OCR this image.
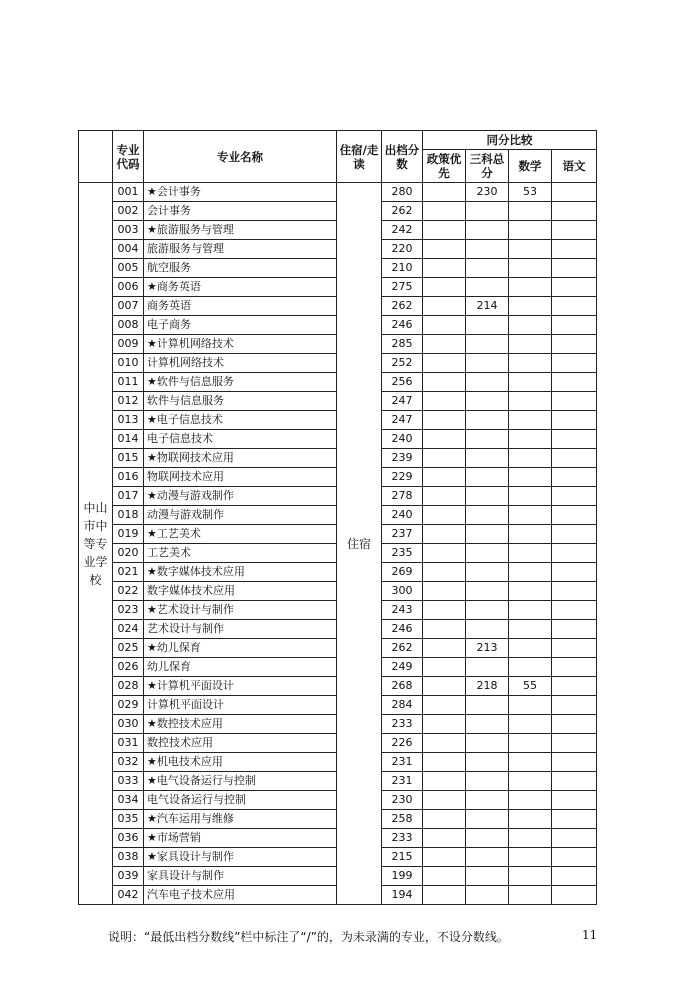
	专业代码	专业名称	住宿/走读	出档分数	同分比较			
					政策优先	三科总分	数学	语文
中山市中等专业学校	001	★会计事务	住宿	280		230	53	
	002	会计事务		262				
	003	★旅游服务与管理		242				
	004	旅游服务与管理		220				
	005	航空服务		210				
	006	★商务英语		275				
	007	商务英语		262		214		
	008	电子商务		246				
	009	★计算机网络技术		285				
	010	计算机网络技术		252				
	011	★软件与信息服务		256				
	012	软件与信息服务		247				
	013	★电子信息技术		247				
	014	电子信息技术		240				
	015	★物联网技术应用		239				
	016	物联网技术应用		229				
	017	★动漫与游戏制作		278				
	018	动漫与游戏制作		240				
	019	★工艺美术		237				
	020	工艺美术		235				
	021	★数字媒体技术应用		269				
	022	数字媒体技术应用		300				
	023	★艺术设计与制作		243				
	024	艺术设计与制作		246				
	025	★幼儿保育		262		213		
	026	幼儿保育		249				
	028	★计算机平面设计		268		218	55	
	029	计算机平面设计		284				
	030	★数控技术应用		233				
	031	数控技术应用		226				
	032	★机电技术应用		231				
	033	★电气设备运行与控制		231				
	034	电气设备运行与控制		230				
	035	★汽车运用与维修		258				
	036	★市场营销		233				
	038	★家具设计与制作		215				
	039	家具设计与制作		199				
	042	汽车电子技术应用		194				
说明：“最低出档分数线”栏中标注了“/”的，为未录满的专业，不设分数线。	11
